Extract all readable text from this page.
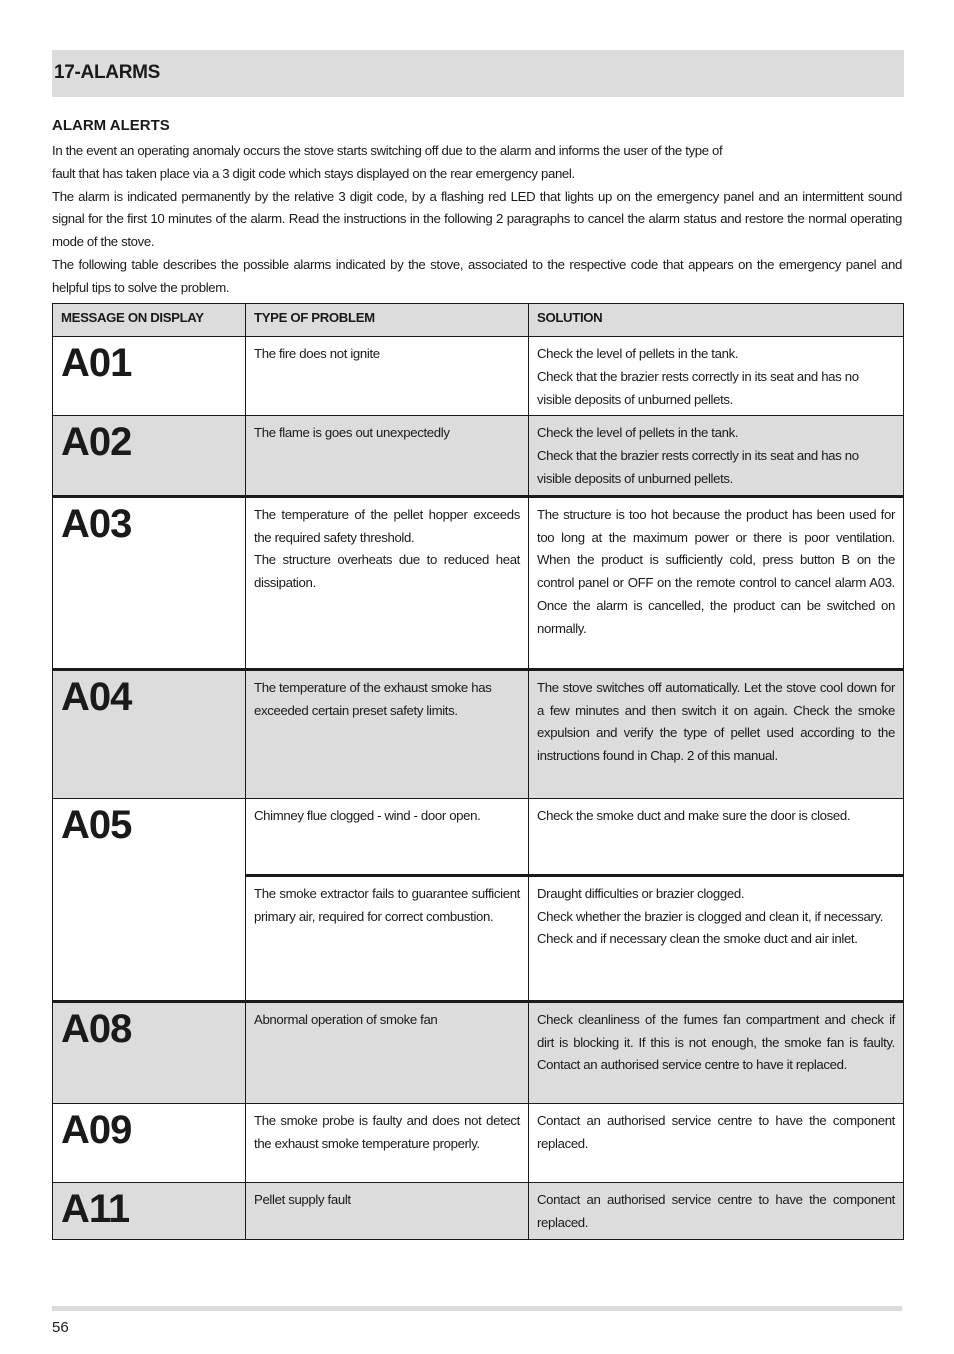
17-ALARMS
ALARM ALERTS

In the event an operating anomaly occurs the stove starts switching off due to the alarm and informs the user of the type of
fault that has taken place via a 3 digit code which stays displayed on the rear emergency panel.

The alarm is indicated permanently by the relative 3 digit code, by a flashing red LED that lights up on the emergency panel and an intermittent sound signal for the first 10 minutes of the alarm. Read the instructions in the following 2 paragraphs to cancel the alarm status and restore the normal operating mode of the stove.

The following table describes the possible alarms indicated by the stove, associated to the respective code that appears on the emergency panel and helpful tips to solve the problem.

MESSAGE ON DISPLAY	TYPE OF PROBLEM	SOLUTION
A01	The fire does not ignite	Check the level of pellets in the tank.
Check that the brazier rests correctly in its seat and has no visible deposits of unburned pellets.

A02	The flame is goes out unexpectedly	Check the level of pellets in the tank.
Check that the brazier rests correctly in its seat and has no visible deposits of unburned pellets.

A03	The temperature of the pellet hopper exceeds the required safety threshold.
The structure overheats due to reduced heat dissipation.	The structure is too hot because the product has been used for too long at the maximum power or there is poor ventilation. When the product is sufficiently cold, press button B on the control panel or OFF on the remote control to cancel alarm A03. Once the alarm is cancelled, the product can be switched on normally.
A04	The temperature of the exhaust smoke has exceeded certain preset safety limits.	The stove switches off automatically. Let the stove cool down for a few minutes and then switch it on again. Check the smoke expulsion and verify the type of pellet used according to the instructions found in Chap. 2 of this manual.
A05	Chimney flue clogged - wind - door open.	Check the smoke duct and make sure the door is closed.
	The smoke extractor fails to guarantee sufficient primary air, required for correct combustion.	Draught difficulties or brazier clogged.
Check whether the brazier is clogged and clean it, if necessary.
Check and if necessary clean the smoke duct and air inlet.

A08	Abnormal operation of smoke fan	Check cleanliness of the fumes fan compartment and check if dirt is blocking it. If this is not enough, the smoke fan is faulty. Contact an authorised service centre to have it replaced.
A09	The smoke probe is faulty and does not detect the exhaust smoke temperature properly.	Contact an authorised service centre to have the component replaced.
A11	Pellet supply fault	Contact an authorised service centre to have the component replaced.
56
